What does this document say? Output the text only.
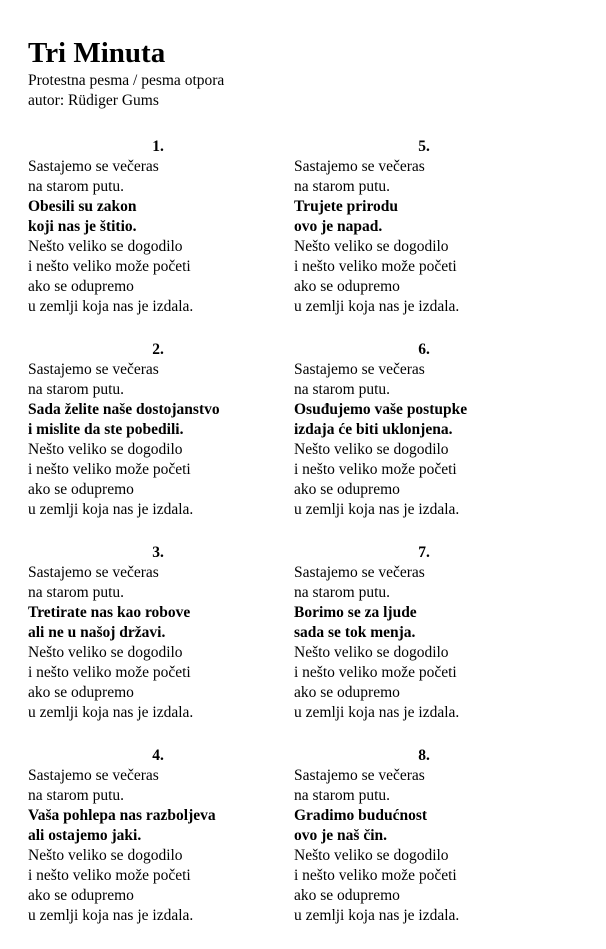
Tri Minuta
Protestna pesma / pesma otpora
autor: Rüdiger Gums
1.
Sastajemo se večeras
na starom putu.
Obesili su zakon
koji nas je štitio.
Nešto veliko se dogodilo
i nešto veliko može početi
ako se odupremo
u zemlji koja nas je izdala.
2.
Sastajemo se večeras
na starom putu.
Sada želite naše dostojanstvo
i mislite da ste pobedili.
Nešto veliko se dogodilo
i nešto veliko može početi
ako se odupremo
u zemlji koja nas je izdala.
3.
Sastajemo se večeras
na starom putu.
Tretirate nas kao robove
ali ne u našoj državi.
Nešto veliko se dogodilo
i nešto veliko može početi
ako se odupremo
u zemlji koja nas je izdala.
4.
Sastajemo se večeras
na starom putu.
Vaša pohlepa nas razboljeva
ali ostajemo jaki.
Nešto veliko se dogodilo
i nešto veliko može početi
ako se odupremo
u zemlji koja nas je izdala.
5.
Sastajemo se večeras
na starom putu.
Trujete prirodu
ovo je napad.
Nešto veliko se dogodilo
i nešto veliko može početi
ako se odupremo
u zemlji koja nas je izdala.
6.
Sastajemo se večeras
na starom putu.
Osuđujemo vaše postupke
izdaja će biti uklonjena.
Nešto veliko se dogodilo
i nešto veliko može početi
ako se odupremo
u zemlji koja nas je izdala.
7.
Sastajemo se večeras
na starom putu.
Borimo se za ljude
sada se tok menja.
Nešto veliko se dogodilo
i nešto veliko može početi
ako se odupremo
u zemlji koja nas je izdala.
8.
Sastajemo se večeras
na starom putu.
Gradimo budućnost
ovo je naš čin.
Nešto veliko se dogodilo
i nešto veliko može početi
ako se odupremo
u zemlji koja nas je izdala.
